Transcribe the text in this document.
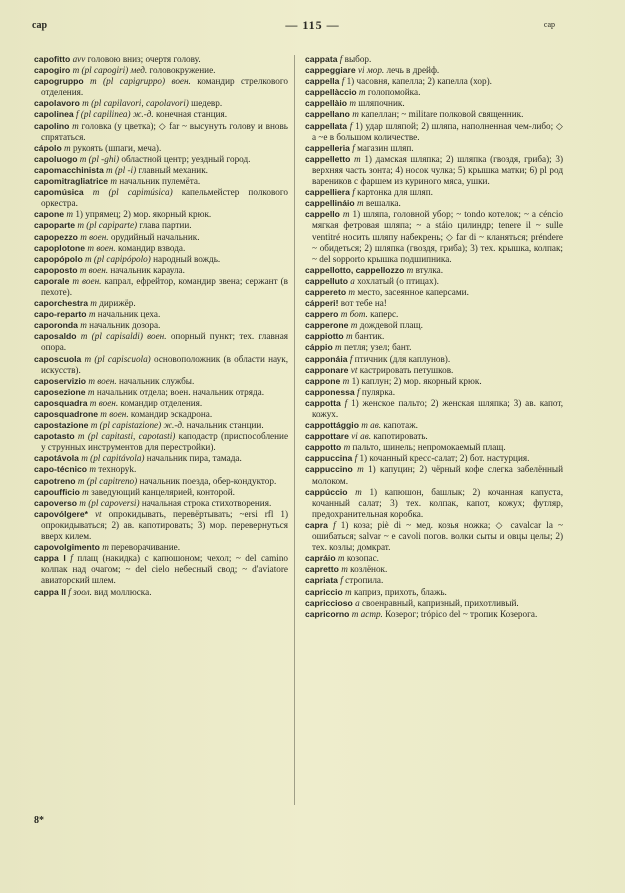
cap	— 115 —	cap
capofitto avv головою вниз; очертя голову.
capogiro m (pl capogiri) мед. головокружение.
capogruppo m (pl capigruppo) воен. командир стрелкового отделения.
capolavoro m (pl capilavori, capolavori) шедевр.
capolinea f (pl capilinea) ж.-д. конечная станция.
capolino m головка (у цветка); ◇ far ~ высунуть голову и вновь спрятаться.
cápolo m рукоять (шпаги, меча).
capoluogo m (pl -ghi) областной центр; уездный город.
capomacchinista m (pl -i) главный механик.
capomitragliatrice m начальник пулемёта.
capomúsica m (pl capimúsica) капельмейстер полкового оркестра.
capone m 1) упрямец; 2) мор. якорный крюк.
capoparte m (pl capiparte) глава партии.
capopezzo m воен. орудийный начальник.
capoplotone m воен. командир взвода.
capopópolo m (pl capipópolo) народный вождь.
capoposto m воен. начальник караула.
caporale m воен. капрал, ефрейтор, командир звена; сержант (в пехоте).
caporchestra m дирижёр.
capo-reparto m начальник цеха.
caporonda m начальник дозора.
caposaldo m (pl capisaldi) воен. опорный пункт; тех. главная опора.
caposcuola m (pl capiscuola) основоположник (в области наук, искусств).
caposervizio m воен. начальник службы.
caposezione m начальник отдела; воен. начальник отряда.
caposquadra m воен. командир отделения.
caposquadrone m воен. командир эскадрона.
capostazione m (pl capistazione) ж.-д. начальник станции.
capotasto m (pl capitasti, capotasti) каподастр (приспособление у струнных инструментов для перестройки).
capotávola m (pl capitávola) начальник пира, тамада.
capo-técnico m техноруk.
capotreno m (pl capitreno) начальник поезда, обер-кондуктор.
capoufficio m заведующий канцелярией, конторой.
capoverso m (pl capoversi) начальная строка стихотворения.
capovólgere* vt опрокидывать, перевёртывать; ~ersi rfl 1) опрокидываться; 2) ав. капотировать; 3) мор. перевернуться вверх килем.
capovolgimento m переворачивание.
cappa I f плащ (накидка) с капюшоном; чехол; ~ del camino колпак над очагом; ~ del cielo небесный свод; ~ d'aviatore авиаторский шлем.
cappa II f зоол. вид моллюска.
cappata f выбор.
cappeggiare vi мор. лечь в дрейф.
cappella f 1) часовня, капелла; 2) капелла (хор).
cappellàccio m голопомойка.
cappellàio m шляпочник.
cappellano m капеллан; ~ militare полковой священник.
cappellata f 1) удар шляпой; 2) шляпа, наполненная чем-либо; ◇ a ~e в большом количестве.
cappelleria f магазин шляп.
cappelletto m 1) дамская шляпка; 2) шляпка (гвоздя, гриба); 3) верхняя часть зонта; 4) носок чулка; 5) крышка матки; 6) pl род вареников с фаршем из куриного мяса, ушки.
cappelliera f картонка для шляп.
cappellináio m вешалка.
cappello m 1) шляпа, головной убор; ~ tondo котелок; ~ a céncio мягкая фетровая шляпа; ~ a stáio цилиндр; tenere il ~ sulle ventitré носить шляпу набекрень; ◇ far di ~ кланяться; préndere ~ обидеться; 2) шляпка (гвоздя, гриба); 3) тех. крышка, колпак; ~ del sopporto крышка подшипника.
cappellotto, cappellozzo m втулка.
cappelluto a хохлатый (о птицах).
cappereto m место, засеянное каперсами.
cápperi! вот тебе на!
cappero m бот. каперс.
capperone m дождевой плащ.
cappiotto m бантик.
cáppio m петля; узел; бант.
capponáia f птичник (для каплунов).
capponare vt кастрировать петушков.
cappone m 1) каплун; 2) мор. якорный крюк.
capponessa f пулярка.
cappotta f 1) женское пальто; 2) женская шляпка; 3) ав. капот, кожух.
cappottággio m ав. капотаж.
cappottare vi ав. капотировать.
cappotto m пальто, шинель; непромокаемый плащ.
cappuccina f 1) кочанный кресс-салат; 2) бот. настурция.
cappuccino m 1) капуцин; 2) чёрный кофе слегка забелённый молоком.
cappúccio m 1) капюшон, башлык; 2) кочанная капуста, кочанный салат; 3) тех. колпак, капот, кожух; футляр, предохранительная коробка.
capra f 1) коза; piè di ~ мед. козья ножка; ◇ cavalcar la ~ ошибаться; salvar ~ e cavoli погов. волки сыты и овцы целы; 2) тех. козлы; домкрат.
capráio m козопас.
capretto m козлёнок.
capriata f стропила.
capriccio m каприз, прихоть, блажь.
capriccioso a своенравный, капризный, прихотливый.
capricorno m астр. Козерог; trópico del ~ тропик Козерога.
8*
